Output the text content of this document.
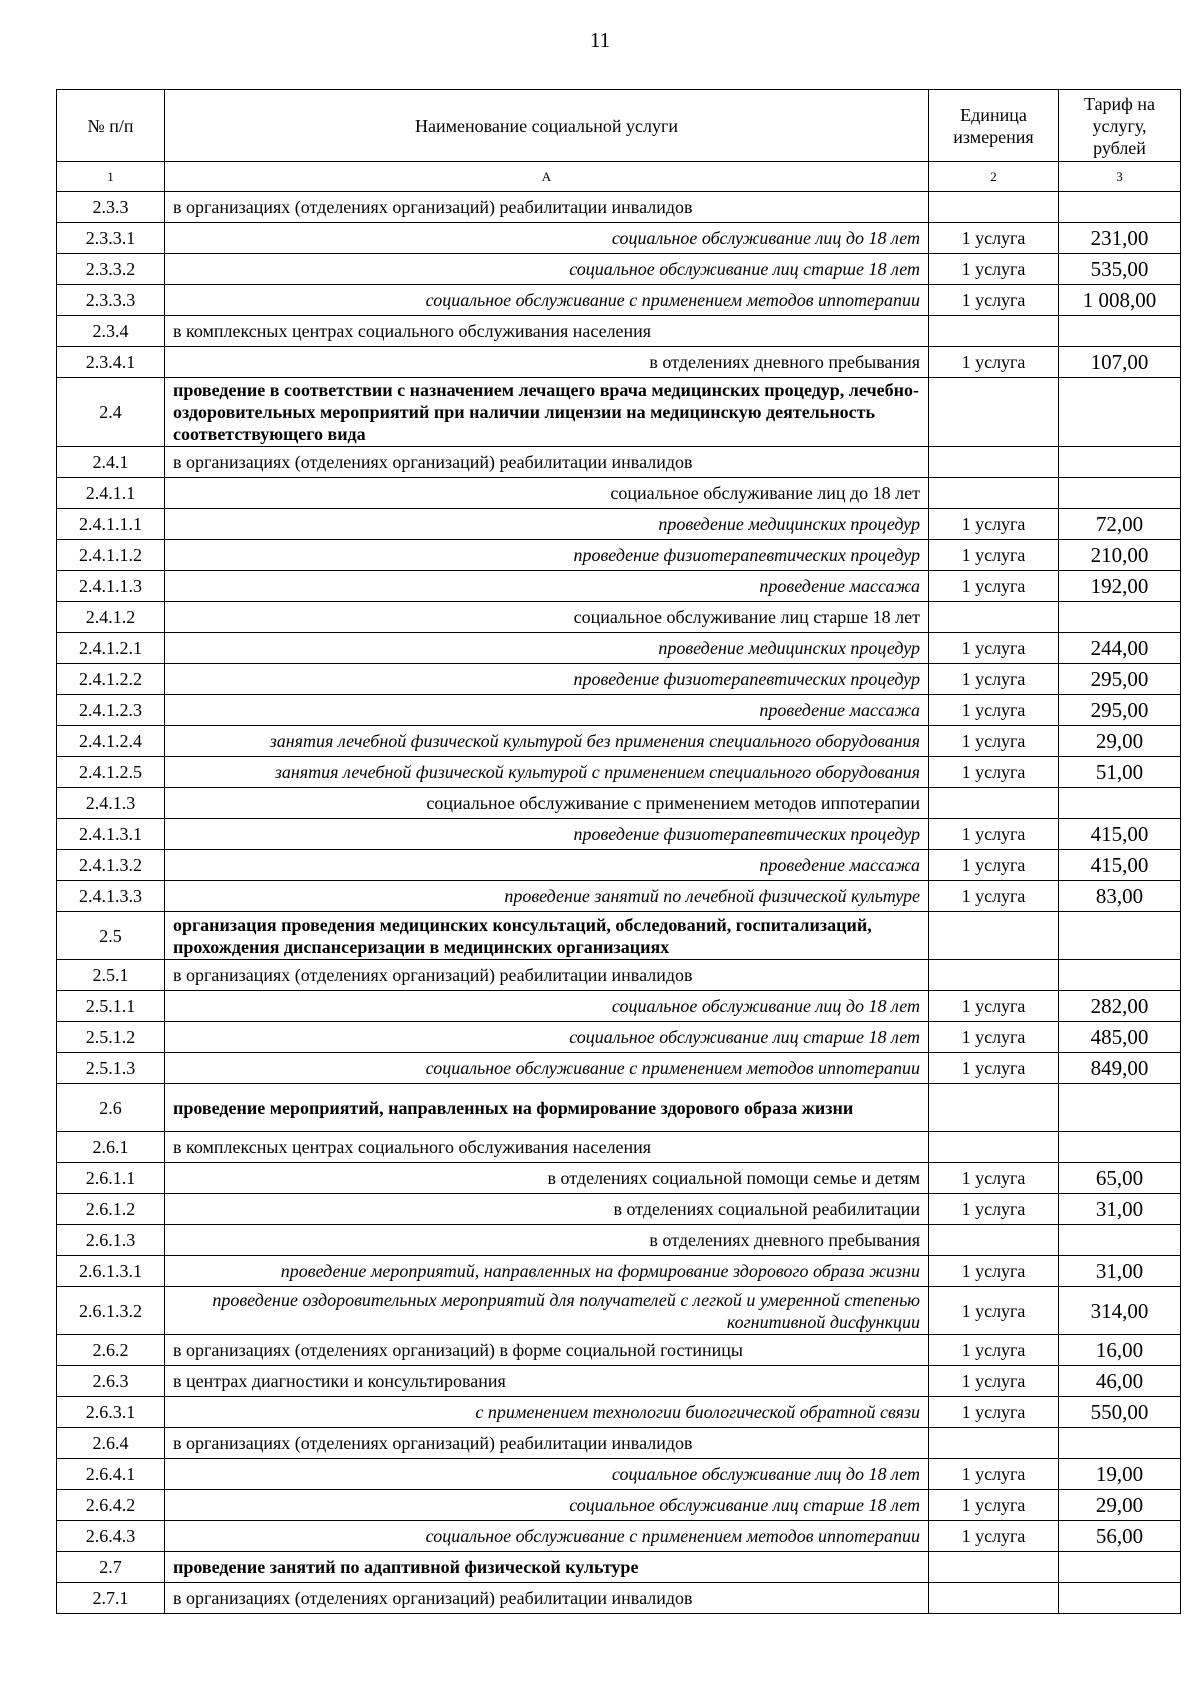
11
№ п/п	Наименование социальной услуги	Единица измерения	Тариф на услугу, рублей
1	А	2	3
2.3.3	в организациях (отделениях организаций) реабилитации инвалидов		
2.3.3.1	социальное обслуживание лиц до 18 лет	1 услуга	231,00
2.3.3.2	социальное обслуживание лиц старше 18 лет	1 услуга	535,00
2.3.3.3	социальное обслуживание с применением методов иппотерапии	1 услуга	1 008,00
2.3.4	в комплексных центрах социального обслуживания населения		
2.3.4.1	в отделениях дневного пребывания	1 услуга	107,00
2.4	проведение в соответствии с назначением лечащего врача медицинских процедур, лечебно-оздоровительных мероприятий при наличии лицензии на медицинскую деятельность соответствующего вида		
2.4.1	в организациях (отделениях организаций) реабилитации инвалидов		
2.4.1.1	социальное обслуживание лиц до 18 лет		
2.4.1.1.1	проведение медицинских процедур	1 услуга	72,00
2.4.1.1.2	проведение физиотерапевтических процедур	1 услуга	210,00
2.4.1.1.3	проведение массажа	1 услуга	192,00
2.4.1.2	социальное обслуживание лиц старше 18 лет		
2.4.1.2.1	проведение медицинских процедур	1 услуга	244,00
2.4.1.2.2	проведение физиотерапевтических процедур	1 услуга	295,00
2.4.1.2.3	проведение массажа	1 услуга	295,00
2.4.1.2.4	занятия лечебной физической культурой без применения специального оборудования	1 услуга	29,00
2.4.1.2.5	занятия лечебной физической культурой с применением специального оборудования	1 услуга	51,00
2.4.1.3	социальное обслуживание с применением методов иппотерапии		
2.4.1.3.1	проведение физиотерапевтических процедур	1 услуга	415,00
2.4.1.3.2	проведение массажа	1 услуга	415,00
2.4.1.3.3	проведение занятий по лечебной физической культуре	1 услуга	83,00
2.5	организация проведения медицинских консультаций, обследований, госпитализаций, прохождения диспансеризации в медицинских организациях		
2.5.1	в организациях (отделениях организаций) реабилитации инвалидов		
2.5.1.1	социальное обслуживание лиц до 18 лет	1 услуга	282,00
2.5.1.2	социальное обслуживание лиц старше 18 лет	1 услуга	485,00
2.5.1.3	социальное обслуживание с применением методов иппотерапии	1 услуга	849,00
2.6	проведение мероприятий, направленных на формирование здорового образа жизни		
2.6.1	в комплексных центрах социального обслуживания населения		
2.6.1.1	в отделениях социальной помощи семье и детям	1 услуга	65,00
2.6.1.2	в отделениях социальной реабилитации	1 услуга	31,00
2.6.1.3	в отделениях дневного пребывания		
2.6.1.3.1	проведение мероприятий, направленных на формирование здорового образа жизни	1 услуга	31,00
2.6.1.3.2	проведение оздоровительных мероприятий для получателей с легкой и умеренной степенью когнитивной дисфункции	1 услуга	314,00
2.6.2	в организациях (отделениях организаций) в форме социальной гостиницы	1 услуга	16,00
2.6.3	в центрах диагностики и консультирования	1 услуга	46,00
2.6.3.1	с применением технологии биологической обратной связи	1 услуга	550,00
2.6.4	в организациях (отделениях организаций) реабилитации инвалидов		
2.6.4.1	социальное обслуживание лиц до 18 лет	1 услуга	19,00
2.6.4.2	социальное обслуживание лиц старше 18 лет	1 услуга	29,00
2.6.4.3	социальное обслуживание с применением методов иппотерапии	1 услуга	56,00
2.7	проведение занятий по адаптивной физической культуре		
2.7.1	в организациях (отделениях организаций) реабилитации инвалидов		
